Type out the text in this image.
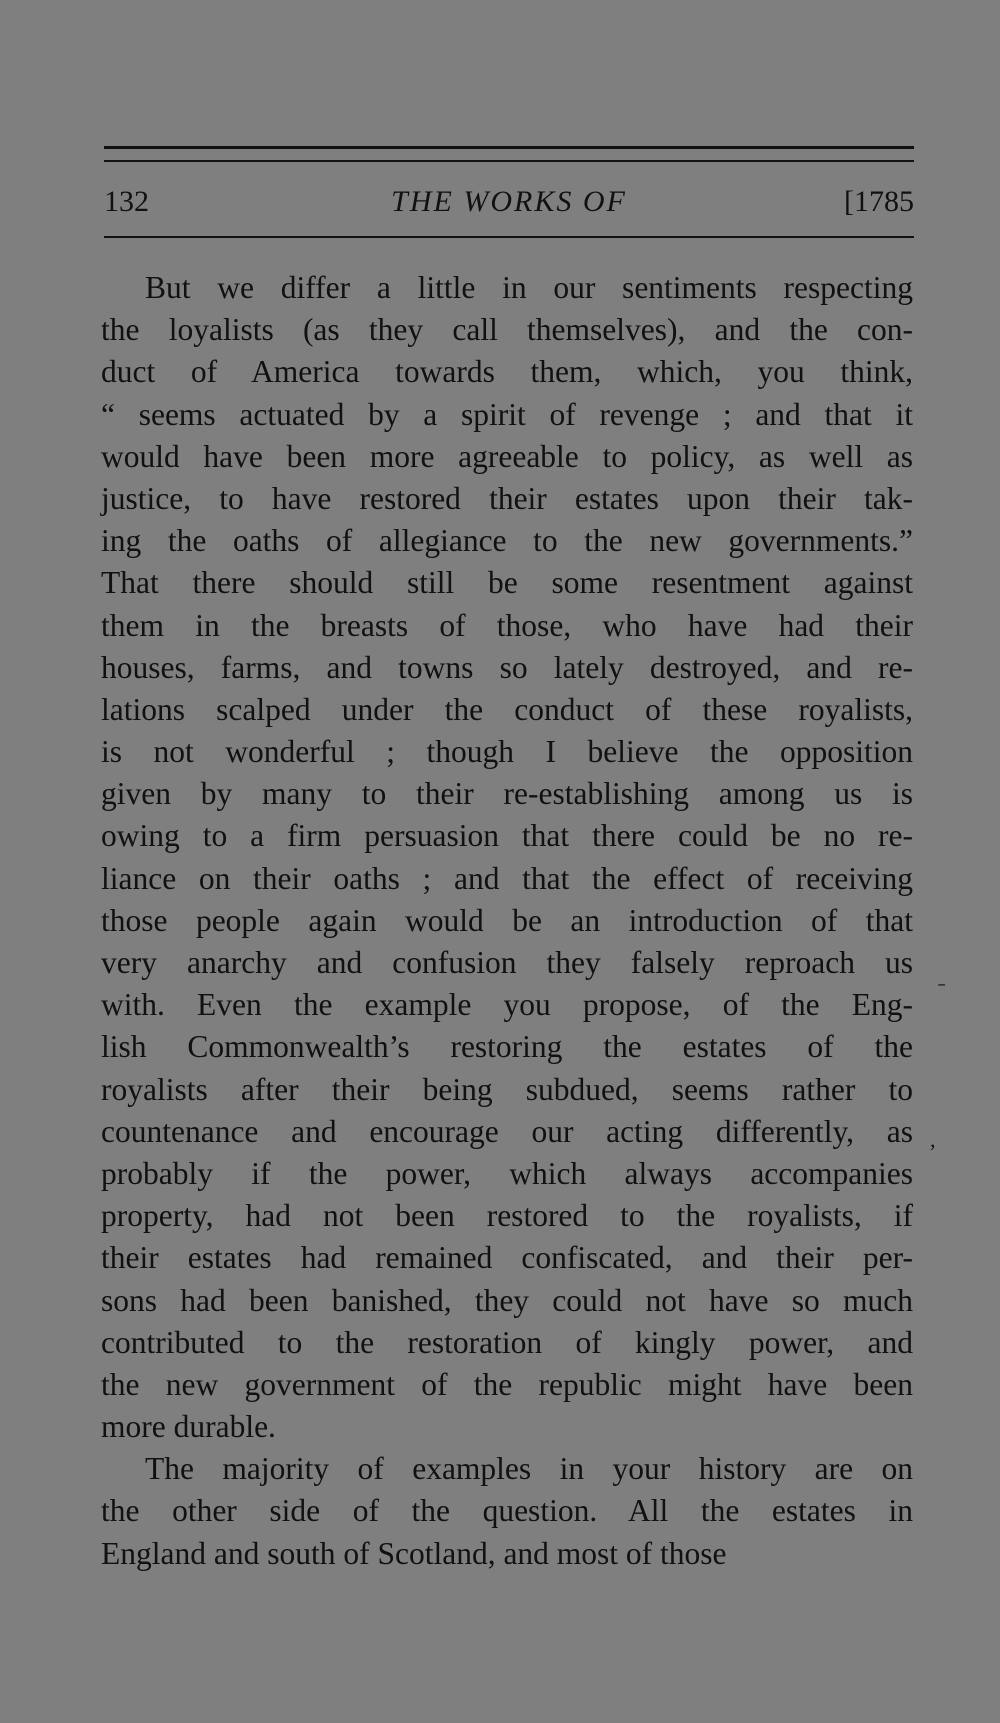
132	THE WORKS OF	[1785
But we differ a little in our sentiments respecting
the loyalists (as they call themselves), and the con-
duct of America towards them, which, you think,
“ seems actuated by a spirit of revenge ; and that it
would have been more agreeable to policy, as well as
justice, to have restored their estates upon their tak-
ing the oaths of allegiance to the new governments.”
That there should still be some resentment against
them in the breasts of those, who have had their
houses, farms, and towns so lately destroyed, and re-
lations scalped under the conduct of these royalists,
is not wonderful ; though I believe the opposition
given by many to their re-establishing among us is
owing to a firm persuasion that there could be no re-
liance on their oaths ; and that the effect of receiving
those people again would be an introduction of that
very anarchy and confusion they falsely reproach us
with. Even the example you propose, of the Eng-
lish Commonwealth’s restoring the estates of the
royalists after their being subdued, seems rather to
countenance and encourage our acting differently, as
probably if the power, which always accompanies
property, had not been restored to the royalists, if
their estates had remained confiscated, and their per-
sons had been banished, they could not have so much
contributed to the restoration of kingly power, and
the new government of the republic might have been
more durable.
The majority of examples in your history are on
the other side of the question. All the estates in
England and south of Scotland, and most of those
ˉ
,
